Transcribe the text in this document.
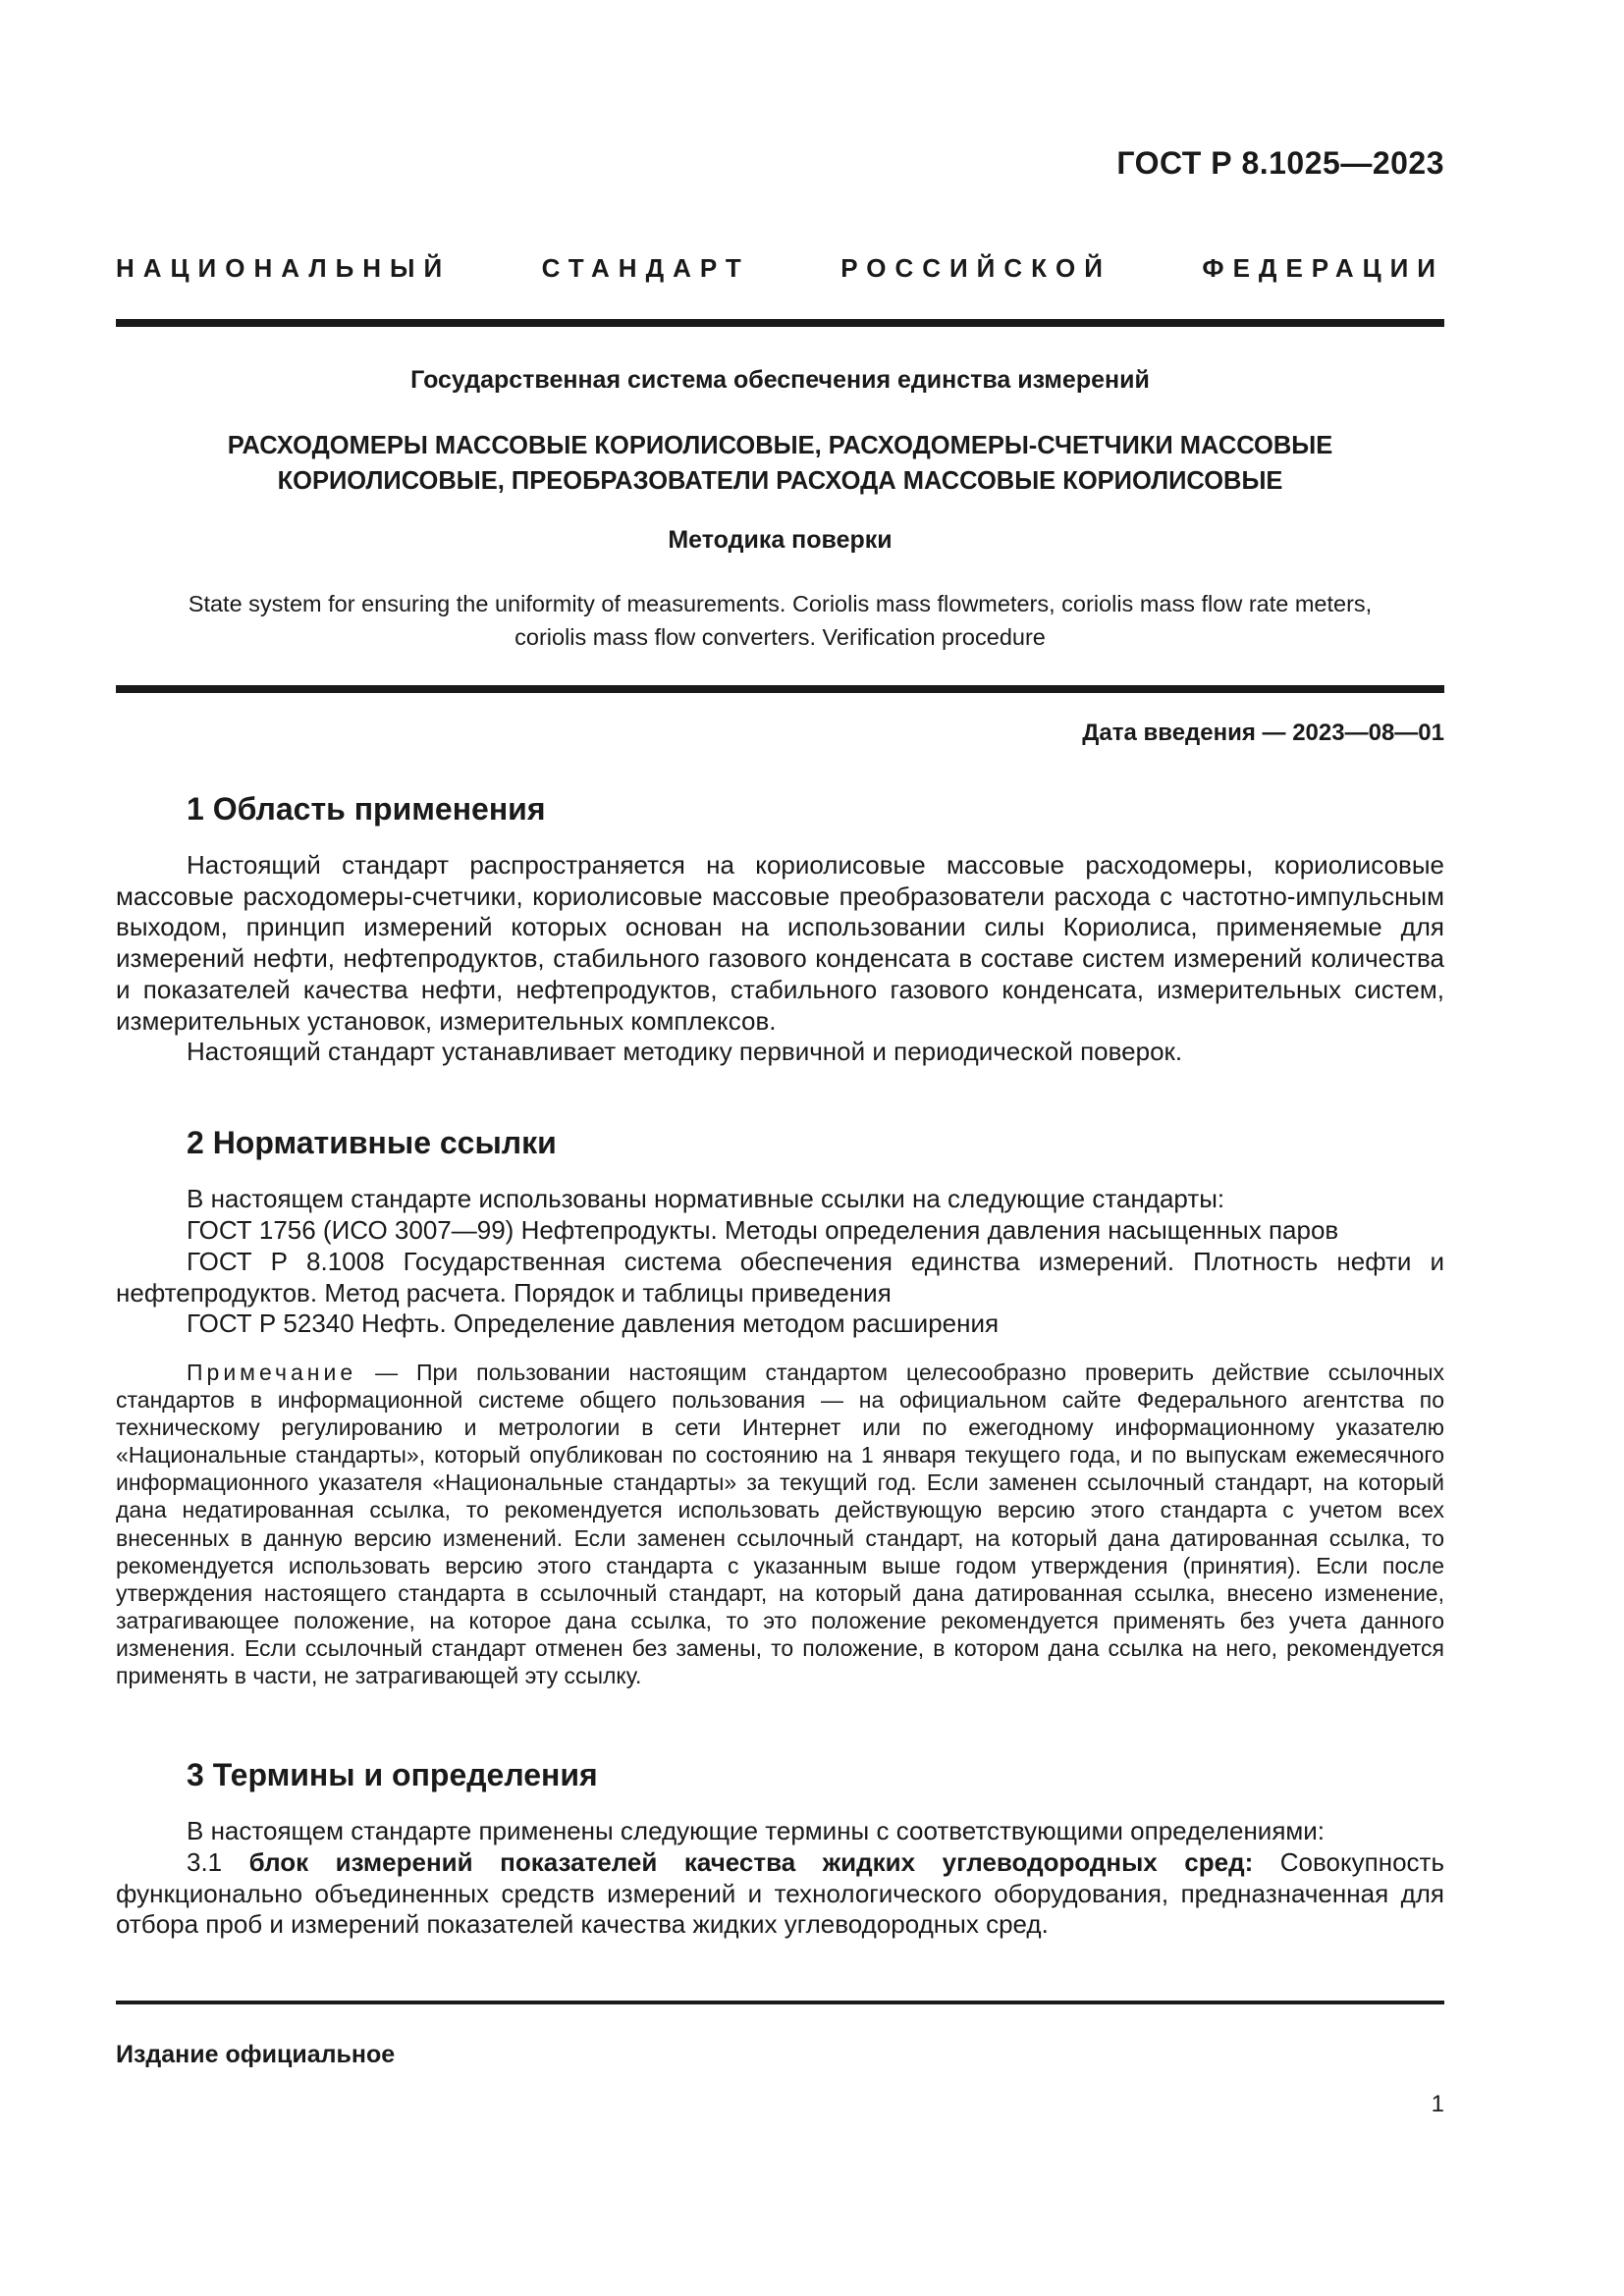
ГОСТ Р 8.1025—2023
НАЦИОНАЛЬНЫЙ СТАНДАРТ РОССИЙСКОЙ ФЕДЕРАЦИИ
Государственная система обеспечения единства измерений
РАСХОДОМЕРЫ МАССОВЫЕ КОРИОЛИСОВЫЕ, РАСХОДОМЕРЫ-СЧЕТЧИКИ МАССОВЫЕ
КОРИОЛИСОВЫЕ, ПРЕОБРАЗОВАТЕЛИ РАСХОДА МАССОВЫЕ КОРИОЛИСОВЫЕ
Методика поверки
State system for ensuring the uniformity of measurements. Coriolis mass flowmeters, coriolis mass flow rate meters,
coriolis mass flow converters. Verification procedure
Дата введения — 2023—08—01
1 Область применения
Настоящий стандарт распространяется на кориолисовые массовые расходомеры, кориолисовые массовые расходомеры-счетчики, кориолисовые массовые преобразователи расхода с частотно-импульсным выходом, принцип измерений которых основан на использовании силы Кориолиса, применяемые для измерений нефти, нефтепродуктов, стабильного газового конденсата в составе систем измерений количества и показателей качества нефти, нефтепродуктов, стабильного газового конденсата, измерительных систем, измерительных установок, измерительных комплексов.
Настоящий стандарт устанавливает методику первичной и периодической поверок.
2 Нормативные ссылки
В настоящем стандарте использованы нормативные ссылки на следующие стандарты:
ГОСТ 1756 (ИСО 3007—99) Нефтепродукты. Методы определения давления насыщенных паров
ГОСТ Р 8.1008 Государственная система обеспечения единства измерений. Плотность нефти и нефтепродуктов. Метод расчета. Порядок и таблицы приведения
ГОСТ Р 52340 Нефть. Определение давления методом расширения
Примечание — При пользовании настоящим стандартом целесообразно проверить действие ссылочных стандартов в информационной системе общего пользования — на официальном сайте Федерального агентства по техническому регулированию и метрологии в сети Интернет или по ежегодному информационному указателю «Национальные стандарты», который опубликован по состоянию на 1 января текущего года, и по выпускам ежемесячного информационного указателя «Национальные стандарты» за текущий год. Если заменен ссылочный стандарт, на который дана недатированная ссылка, то рекомендуется использовать действующую версию этого стандарта с учетом всех внесенных в данную версию изменений. Если заменен ссылочный стандарт, на который дана датированная ссылка, то рекомендуется использовать версию этого стандарта с указанным выше годом утверждения (принятия). Если после утверждения настоящего стандарта в ссылочный стандарт, на который дана датированная ссылка, внесено изменение, затрагивающее положение, на которое дана ссылка, то это положение рекомендуется применять без учета данного изменения. Если ссылочный стандарт отменен без замены, то положение, в котором дана ссылка на него, рекомендуется применять в части, не затрагивающей эту ссылку.
3 Термины и определения
В настоящем стандарте применены следующие термины с соответствующими определениями:
3.1 блок измерений показателей качества жидких углеводородных сред: Совокупность функционально объединенных средств измерений и технологического оборудования, предназначенная для отбора проб и измерений показателей качества жидких углеводородных сред.
Издание официальное
1
